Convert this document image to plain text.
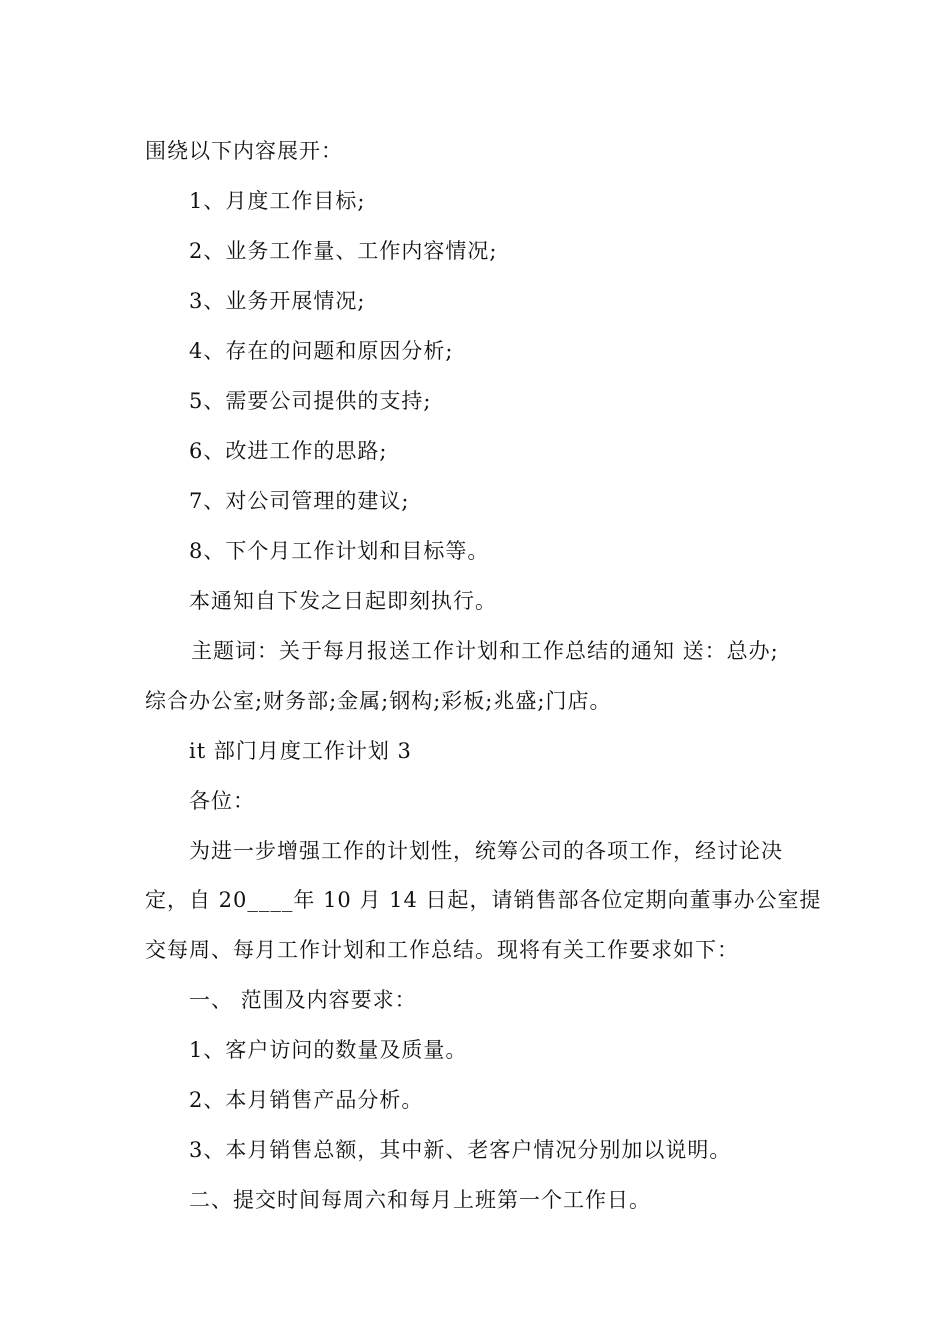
围绕以下内容展开：
1、月度工作目标;
2、业务工作量、工作内容情况;
3、业务开展情况;
4、存在的问题和原因分析;
5、需要公司提供的支持;
6、改进工作的思路;
7、对公司管理的建议;
8、下个月工作计划和目标等。
本通知自下发之日起即刻执行。
主题词：关于每月报送工作计划和工作总结的通知 送：总办;
综合办公室;财务部;金属;钢构;彩板;兆盛;门店。
it 部门月度工作计划 3
各位：
为进一步增强工作的计划性，统筹公司的各项工作，经讨论决
定，自 20____年 10 月 14 日起，请销售部各位定期向董事办公室提
交每周、每月工作计划和工作总结。现将有关工作要求如下：
一、 范围及内容要求：
1、客户访问的数量及质量。
2、本月销售产品分析。
3、本月销售总额，其中新、老客户情况分别加以说明。
二、提交时间每周六和每月上班第一个工作日。
